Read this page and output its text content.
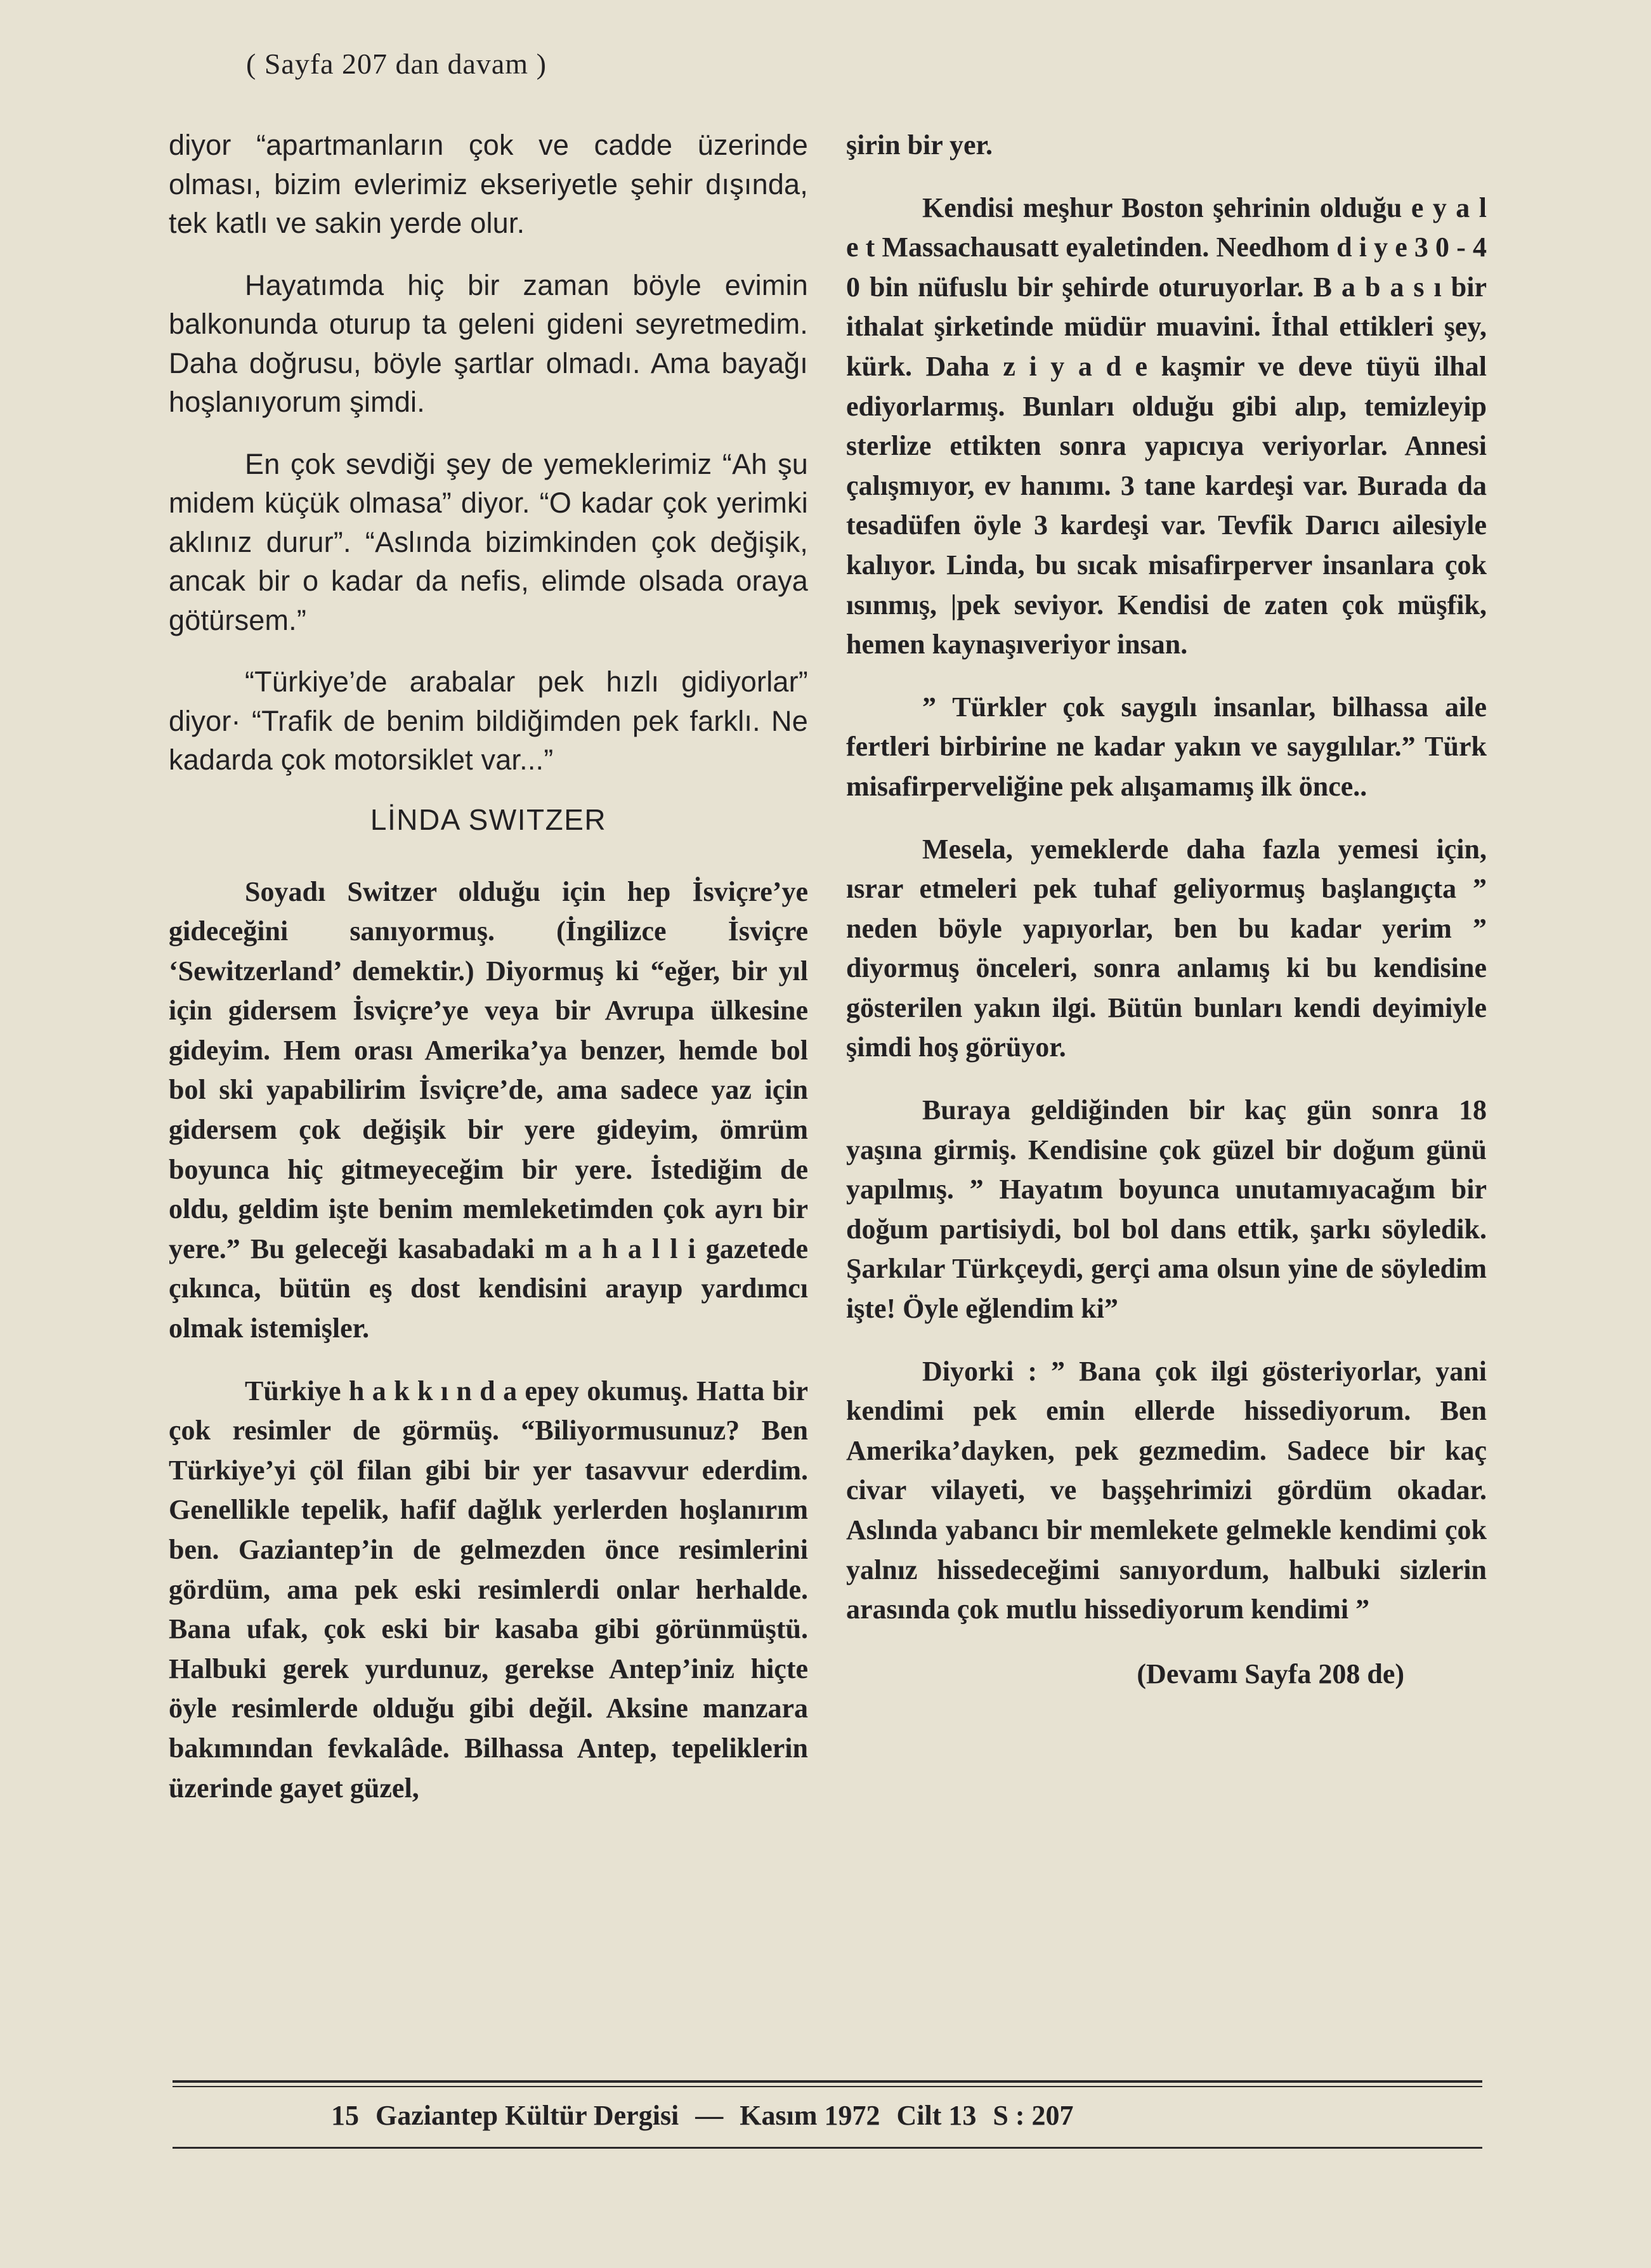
( Sayfa 207 dan davam )

diyor “apartmanların çok ve cadde üzerinde olması, bizim evlerimiz ekseriyetle şehir dışında, tek katlı ve sakin yerde olur.

Hayatımda hiç bir zaman böyle evimin balkonunda oturup ta geleni gideni seyretmedim. Daha doğrusu, böyle şartlar olmadı. Ama bayağı hoşlanıyorum şimdi.

En çok sevdiği şey de yemeklerimiz “Ah şu midem küçük olmasa” diyor. “O kadar çok yerimki aklınız durur”. “Aslında bizimkinden çok değişik, ancak bir o kadar da nefis, elimde olsada oraya götürsem.”

“Türkiye’de arabalar pek hızlı gidiyorlar” diyor· “Trafik de benim bildiğimden pek farklı. Ne kadarda çok motorsiklet var...”

LİNDA SWITZER

Soyadı Switzer olduğu için hep İsviçre’ye gideceğini sanıyormuş. (İngilizce İsviçre ‘Sewitzerland’ demektir.) Diyormuş ki “eğer, bir yıl için gidersem İsviçre’ye veya bir Avrupa ülkesine gideyim. Hem orası Amerika’ya benzer, hemde bol bol ski yapabilirim İsviçre’de, ama sadece yaz için gidersem çok değişik bir yere gideyim, ömrüm boyunca hiç gitmeyeceğim bir yere. İstediğim de oldu, geldim işte benim memleketimden çok ayrı bir yere.” Bu geleceği kasabadaki m a h a l l i gazetede çıkınca, bütün eş dost kendisini arayıp yardımcı olmak istemişler.

Türkiye h a k k ı n d a epey okumuş. Hatta bir çok resimler de görmüş. “Biliyormusunuz? Ben Türkiye’yi çöl filan gibi bir yer tasavvur ederdim. Genellikle tepelik, hafif dağlık yerlerden hoşlanırım ben. Gaziantep’in de gelmezden önce resimlerini gördüm, ama pek eski resimlerdi onlar herhalde. Bana ufak, çok eski bir kasaba gibi görünmüştü. Halbuki gerek yurdunuz, gerekse Antep’iniz hiçte öyle resimlerde olduğu gibi değil. Aksine manzara bakımından fevkalâde. Bilhassa Antep, tepeliklerin üzerinde gayet güzel,

şirin bir yer.

Kendisi meşhur Boston şehrinin olduğu e y a l e t Massachausatt eyaletinden. Needhom d i y e 3 0 - 4 0 bin nüfuslu bir şehirde oturuyorlar. B a b a s ı bir ithalat şirketinde müdür muavini. İthal ettikleri şey, kürk. Daha z i y a d e kaşmir ve deve tüyü ilhal ediyorlarmış. Bunları olduğu gibi alıp, temizleyip sterlize ettikten sonra yapıcıya veriyorlar. Annesi çalışmıyor, ev hanımı. 3 tane kardeşi var. Burada da tesadüfen öyle 3 kardeşi var. Tevfik Darıcı ailesiyle kalıyor. Linda, bu sıcak misafirperver insanlara çok ısınmış, |pek seviyor. Kendisi de zaten çok müşfik, hemen kaynaşıveriyor insan.

” Türkler çok saygılı insanlar, bilhassa aile fertleri birbirine ne kadar yakın ve saygılılar.” Türk misafirperveliğine pek alışamamış ilk önce..

Mesela, yemeklerde daha fazla yemesi için, ısrar etmeleri pek tuhaf geliyormuş başlangıçta ” neden böyle yapıyorlar, ben bu kadar yerim ” diyormuş önceleri, sonra anlamış ki bu kendisine gösterilen yakın ilgi. Bütün bunları kendi deyimiyle şimdi hoş görüyor.

Buraya geldiğinden bir kaç gün sonra 18 yaşına girmiş. Kendisine çok güzel bir doğum günü yapılmış. ” Hayatım boyunca unutamıyacağım bir doğum partisiydi, bol bol dans ettik, şarkı söyledik. Şarkılar Türkçeydi, gerçi ama olsun yine de söyledim işte! Öyle eğlendim ki”

Diyorki : ” Bana çok ilgi gösteriyorlar, yani kendimi pek emin ellerde hissediyorum. Ben Amerika’dayken, pek gezmedim. Sadece bir kaç civar vilayeti, ve başşehrimizi gördüm okadar. Aslında yabancı bir memlekete gelmekle kendimi çok yalnız hissedeceğimi sanıyordum, halbuki sizlerin arasında çok mutlu hissediyorum kendimi ”

(Devamı Sayfa 208 de)
15 Gaziantep Kültür Dergisi — Kasım 1972 Cilt 13 S : 207
